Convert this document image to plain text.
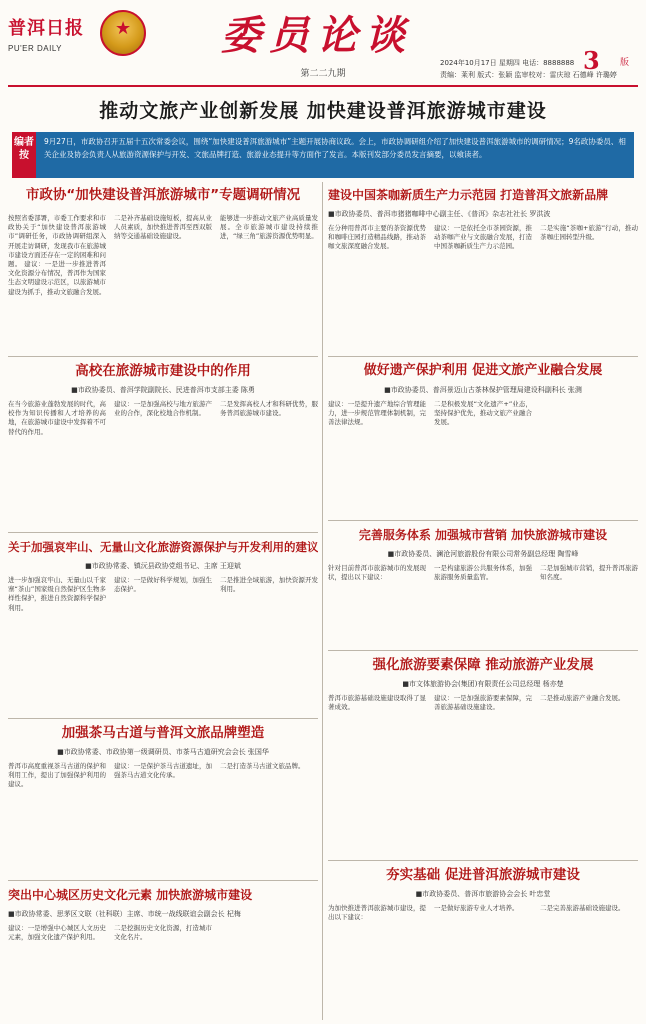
普洱日报
PU'ER DAILY
★	委员论谈
第二二九期
2024年10月17日 星期四 电话：8888888
责编：莱利 版式：张颖 监审校对：雷庆琼 石德峰 许璐婷
3 版
推动文旅产业创新发展 加快建设普洱旅游城市建设
编者按
9月27日，市政协召开五届十五次常委会议，围绕“加快建设普洱旅游城市”主题开展协商议政。会上，市政协调研组介绍了加快建设普洱旅游城市的调研情况；9名政协委员、相关企业及协会负责人从旅游资源保护与开发、文旅品牌打造、旅游业态提升等方面作了发言。本版刊发部分委员发言摘要，以飨读者。
市政协“加快建设普洱旅游城市”专题调研情况
按照省委部署，市委工作要求和市政协关于“加快建设普洱旅游城市”调研任务，市政协调研组深入开展走访调研，发现我市在旅游城市建设方面还存在一定的困难和问题。 建议：一是进一步推进普洱文化资源分布情况，普洱作为国家生态文明建设示范区，以旅游城市建设为抓手，推动文旅融合发展。
二是补齐基础设施短板，提高从业人员素质，加快推进普洱至西双版纳等交通基础设施建设。
能够进一步推动文旅产业高质量发展。全市旅游城市建设持续推进，“绿三角”旅游资源优势明显。
建设中国茶咖新质生产力示范园 打造普洱文旅新品牌
■市政协委员、普洱市猪猪咖啡中心副主任、《普洱》杂志社社长 罗洪波
在分种用普洱市主要的茶资源优势和咖啡庄园打造精品线路，推动茶咖文旅深度融合发展。
建议：一是依托全市茶园资源，推动茶咖产业与文旅融合发展，打造中国茶咖新质生产力示范园。
二是实施“茶咖+旅游”行动，推动茶咖庄园转型升级。
高校在旅游城市建设中的作用
■市政协委员、普洱学院副院长、民进普洱市支部主委 陈勇
在当今旅游业蓬勃发展的时代，高校作为知识传播和人才培养的高地，在旅游城市建设中发挥着不可替代的作用。
建议：一是加强高校与地方旅游产业的合作，深化校地合作机制。
二是发挥高校人才和科研优势，服务普洱旅游城市建设。
做好遗产保护利用 促进文旅产业融合发展
■市政协委员、普洱景迈山古茶林保护管理局建设科副科长 张测
建议：一是提升遗产地综合管理能力，进一步规范管理体制机制，完善法律法规。
二是积极发展“文化遗产+”业态，坚持保护优先，推动文旅产业融合发展。
关于加强哀牢山、无量山文化旅游资源保护与开发利用的建议
■市政协常委、镇沅县政协党组书记、主席 王迎斌
进一步加强哀牢山、无量山以千家寨“茶山”国家级自然保护区生物多样性保护，推进自然资源科学保护利用。
建议：一是做好科学规划，加强生态保护。
二是推进全域旅游，加快资源开发利用。
完善服务体系 加强城市营销 加快旅游城市建设
■市政协委员、澜沧河旅游股份有限公司常务副总经理 陶雪峰
针对目前普洱市旅游城市的发展现状，提出以下建议：
一是构建旅游公共服务体系，加强旅游服务质量监管。
二是加强城市营销，提升普洱旅游知名度。
加强茶马古道与普洱文旅品牌塑造
■市政协常委、市政协第一级调研员、市茶马古道研究会会长 张国华
普洱市高度重视茶马古道的保护和利用工作，提出了加强保护利用的建议。
建议：一是保护茶马古道遗址，加强茶马古道文化传承。
二是打造茶马古道文旅品牌。
强化旅游要素保障 推动旅游产业发展
■市文体旅游协会(集团)有限责任公司总经理 杨亦楚
普洱市旅游基础设施建设取得了显著成效。
建议：一是加强旅游要素保障，完善旅游基础设施建设。
二是推动旅游产业融合发展。
突出中心城区历史文化元素 加快旅游城市建设
■市政协常委、思茅区文联（社科联）主席、市统一战线联谊会副会长 杞梅
建议：一是增强中心城区人文历史元素，加强文化遗产保护利用。
二是挖掘历史文化资源，打造城市文化名片。
夯实基础 促进普洱旅游城市建设
■市政协委员、普洱市旅游协会会长 叶忠堂
为加快推进普洱旅游城市建设，提出以下建议：
一是做好旅游专业人才培养。	二是完善旅游基础设施建设。
